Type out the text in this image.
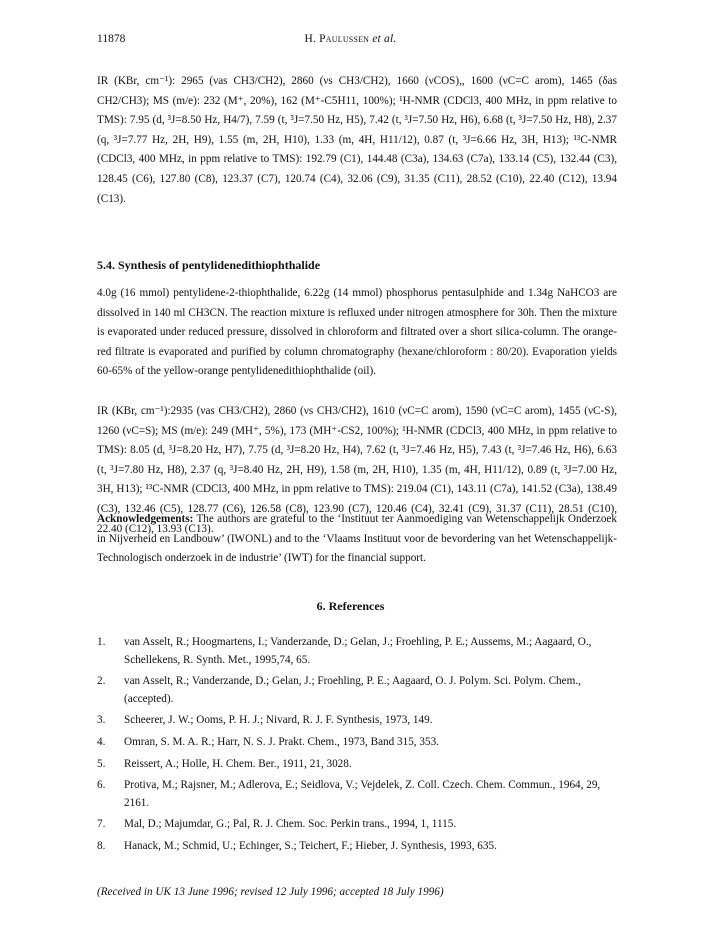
11878	H. Paulussen et al.

IR (KBr, cm⁻¹): 2965 (νas CH3/CH2), 2860 (νs CH3/CH2), 1660 (νCOS),, 1600 (νC=C arom), 1465 (δas CH2/CH3); MS (m/e): 232 (M⁺, 20%), 162 (M⁺-C5H11, 100%); ¹H-NMR (CDCl3, 400 MHz, in ppm relative to TMS): 7.95 (d, ³J=8.50 Hz, H4/7), 7.59 (t, ³J=7.50 Hz, H5), 7.42 (t, ³J=7.50 Hz, H6), 6.68 (t, ³J=7.50 Hz, H8), 2.37 (q, ³J=7.77 Hz, 2H, H9), 1.55 (m, 2H, H10), 1.33 (m, 4H, H11/12), 0.87 (t, ³J=6.66 Hz, 3H, H13); ¹³C-NMR (CDCl3, 400 MHz, in ppm relative to TMS): 192.79 (C1), 144.48 (C3a), 134.63 (C7a), 133.14 (C5), 132.44 (C3), 128.45 (C6), 127.80 (C8), 123.37 (C7), 120.74 (C4), 32.06 (C9), 31.35 (C11), 28.52 (C10), 22.40 (C12), 13.94 (C13).

5.4. Synthesis of pentylidenedithiophthalide

4.0g (16 mmol) pentylidene-2-thiophthalide, 6.22g (14 mmol) phosphorus pentasulphide and 1.34g NaHCO3 are dissolved in 140 ml CH3CN. The reaction mixture is refluxed under nitrogen atmosphere for 30h. Then the mixture is evaporated under reduced pressure, dissolved in chloroform and filtrated over a short silica-column. The orange-red filtrate is evaporated and purified by column chromatography (hexane/chloroform : 80/20). Evaporation yields 60-65% of the yellow-orange pentylidenedithiophthalide (oil).

IR (KBr, cm⁻¹):2935 (νas CH3/CH2), 2860 (νs CH3/CH2), 1610 (νC=C arom), 1590 (νC=C arom), 1455 (νC-S), 1260 (νC=S); MS (m/e): 249 (MH⁺, 5%), 173 (MH⁺-CS2, 100%); ¹H-NMR (CDCl3, 400 MHz, in ppm relative to TMS): 8.05 (d, ³J=8.20 Hz, H7), 7.75 (d, ³J=8.20 Hz, H4), 7.62 (t, ³J=7.46 Hz, H5), 7.43 (t, ³J=7.46 Hz, H6), 6.63 (t, ³J=7.80 Hz, H8), 2.37 (q, ³J=8.40 Hz, 2H, H9), 1.58 (m, 2H, H10), 1.35 (m, 4H, H11/12), 0.89 (t, ³J=7.00 Hz, 3H, H13); ¹³C-NMR (CDCl3, 400 MHz, in ppm relative to TMS): 219.04 (C1), 143.11 (C7a), 141.52 (C3a), 138.49 (C3), 132.46 (C5), 128.77 (C6), 126.58 (C8), 123.90 (C7), 120.46 (C4), 32.41 (C9), 31.37 (C11), 28.51 (C10), 22.40 (C12), 13.93 (C13).

Acknowledgements: The authors are grateful to the ‘Instituut ter Aanmoediging van Wetenschappelijk Onderzoek in Nijverheid en Landbouw’ (IWONL) and to the ‘Vlaams Instituut voor de bevordering van het Wetenschappelijk-Technologisch onderzoek in de industrie’ (IWT) for the financial support.

6. References
1.	van Asselt, R.; Hoogmartens, I.; Vanderzande, D.; Gelan, J.; Froehling, P. E.; Aussems, M.; Aagaard, O., Schellekens, R. Synth. Met., 1995,74, 65.
2.	van Asselt, R.; Vanderzande, D.; Gelan, J.; Froehling, P. E.; Aagaard, O. J. Polym. Sci. Polym. Chem., (accepted).
3.	Scheerer, J. W.; Ooms, P. H. J.; Nivard, R. J. F. Synthesis, 1973, 149.
4.	Omran, S. M. A. R.; Harr, N. S. J. Prakt. Chem., 1973, Band 315, 353.
5.	Reissert, A.; Holle, H. Chem. Ber., 1911, 21, 3028.
6.	Protiva, M.; Rajsner, M.; Adlerova, E.; Seidlova, V.; Vejdelek, Z. Coll. Czech. Chem. Commun., 1964, 29, 2161.
7.	Mal, D.; Majumdar, G.; Pal, R. J. Chem. Soc. Perkin trans., 1994, 1, 1115.
8.	Hanack, M.; Schmid, U.; Echinger, S.; Teichert, F.; Hieber, J. Synthesis, 1993, 635.
(Received in UK 13 June 1996; revised 12 July 1996; accepted 18 July 1996)
